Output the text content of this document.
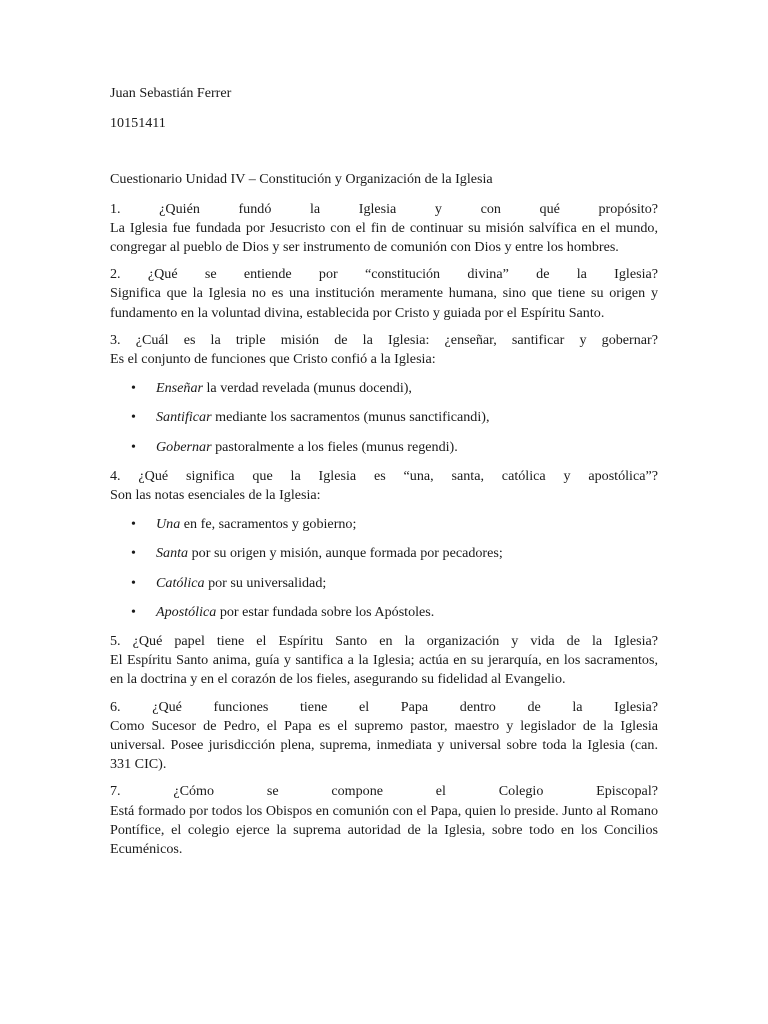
Juan Sebastián Ferrer

10151411

Cuestionario Unidad IV – Constitución y Organización de la Iglesia

1. ¿Quién fundó la Iglesia y con qué propósito?
La Iglesia fue fundada por Jesucristo con el fin de continuar su misión salvífica en el mundo, congregar al pueblo de Dios y ser instrumento de comunión con Dios y entre los hombres.
2. ¿Qué se entiende por “constitución divina” de la Iglesia?
Significa que la Iglesia no es una institución meramente humana, sino que tiene su origen y fundamento en la voluntad divina, establecida por Cristo y guiada por el Espíritu Santo.
3. ¿Cuál es la triple misión de la Iglesia: ¿enseñar, santificar y gobernar?
Es el conjunto de funciones que Cristo confió a la Iglesia:
• Enseñar la verdad revelada (munus docendi),
• Santificar mediante los sacramentos (munus sanctificandi),
• Gobernar pastoralmente a los fieles (munus regendi).
4. ¿Qué significa que la Iglesia es “una, santa, católica y apostólica”?
Son las notas esenciales de la Iglesia:
• Una en fe, sacramentos y gobierno;
• Santa por su origen y misión, aunque formada por pecadores;
• Católica por su universalidad;
• Apostólica por estar fundada sobre los Apóstoles.
5. ¿Qué papel tiene el Espíritu Santo en la organización y vida de la Iglesia?
El Espíritu Santo anima, guía y santifica a la Iglesia; actúa en su jerarquía, en los sacramentos, en la doctrina y en el corazón de los fieles, asegurando su fidelidad al Evangelio.
6. ¿Qué funciones tiene el Papa dentro de la Iglesia?
Como Sucesor de Pedro, el Papa es el supremo pastor, maestro y legislador de la Iglesia universal. Posee jurisdicción plena, suprema, inmediata y universal sobre toda la Iglesia (can. 331 CIC).
7. ¿Cómo se compone el Colegio Episcopal?
Está formado por todos los Obispos en comunión con el Papa, quien lo preside. Junto al Romano Pontífice, el colegio ejerce la suprema autoridad de la Iglesia, sobre todo en los Concilios Ecuménicos.
